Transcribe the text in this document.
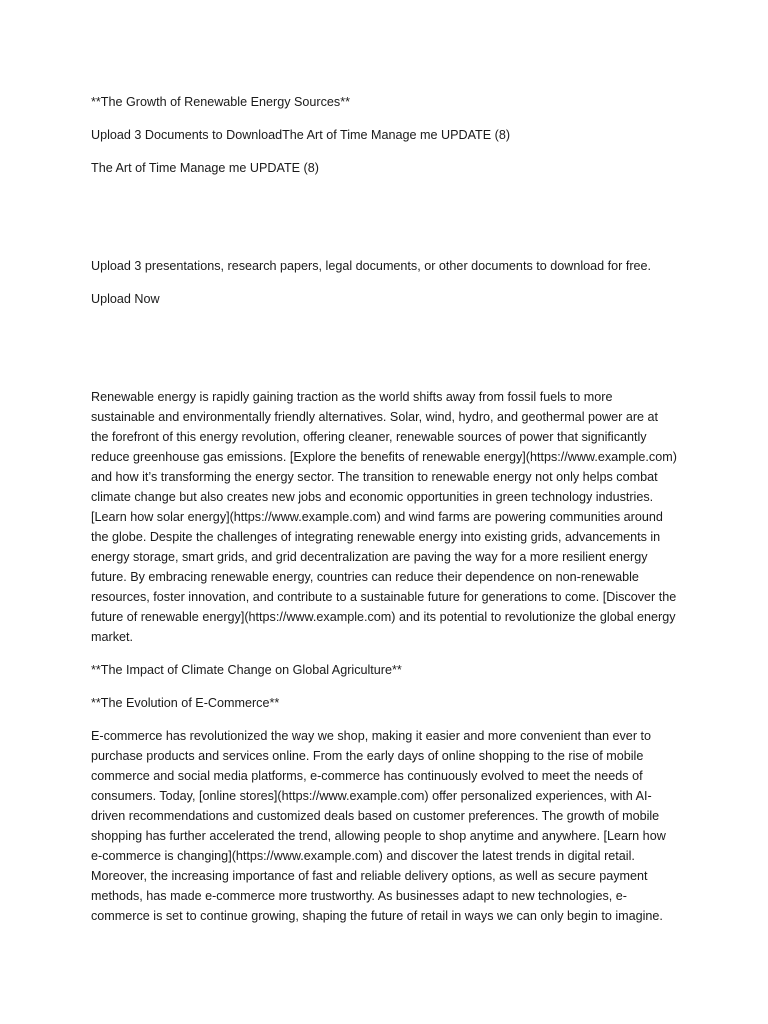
**The Growth of Renewable Energy Sources**

Upload 3 Documents to DownloadThe Art of Time Manage me UPDATE (8)

The Art of Time Manage me UPDATE (8)

Upload 3 presentations, research papers, legal documents, or other documents to download for free.

Upload Now

Renewable energy is rapidly gaining traction as the world shifts away from fossil fuels to more sustainable and environmentally friendly alternatives. Solar, wind, hydro, and geothermal power are at the forefront of this energy revolution, offering cleaner, renewable sources of power that significantly reduce greenhouse gas emissions. [Explore the benefits of renewable energy](https://www.example.com) and how it’s transforming the energy sector. The transition to renewable energy not only helps combat climate change but also creates new jobs and economic opportunities in green technology industries. [Learn how solar energy](https://www.example.com) and wind farms are powering communities around the globe. Despite the challenges of integrating renewable energy into existing grids, advancements in energy storage, smart grids, and grid decentralization are paving the way for a more resilient energy future. By embracing renewable energy, countries can reduce their dependence on non-renewable resources, foster innovation, and contribute to a sustainable future for generations to come. [Discover the future of renewable energy](https://www.example.com) and its potential to revolutionize the global energy market.

**The Impact of Climate Change on Global Agriculture**

**The Evolution of E-Commerce**

E-commerce has revolutionized the way we shop, making it easier and more convenient than ever to purchase products and services online. From the early days of online shopping to the rise of mobile commerce and social media platforms, e-commerce has continuously evolved to meet the needs of consumers. Today, [online stores](https://www.example.com) offer personalized experiences, with AI-driven recommendations and customized deals based on customer preferences. The growth of mobile shopping has further accelerated the trend, allowing people to shop anytime and anywhere. [Learn how e-commerce is changing](https://www.example.com) and discover the latest trends in digital retail. Moreover, the increasing importance of fast and reliable delivery options, as well as secure payment methods, has made e-commerce more trustworthy. As businesses adapt to new technologies, e-commerce is set to continue growing, shaping the future of retail in ways we can only begin to imagine.
